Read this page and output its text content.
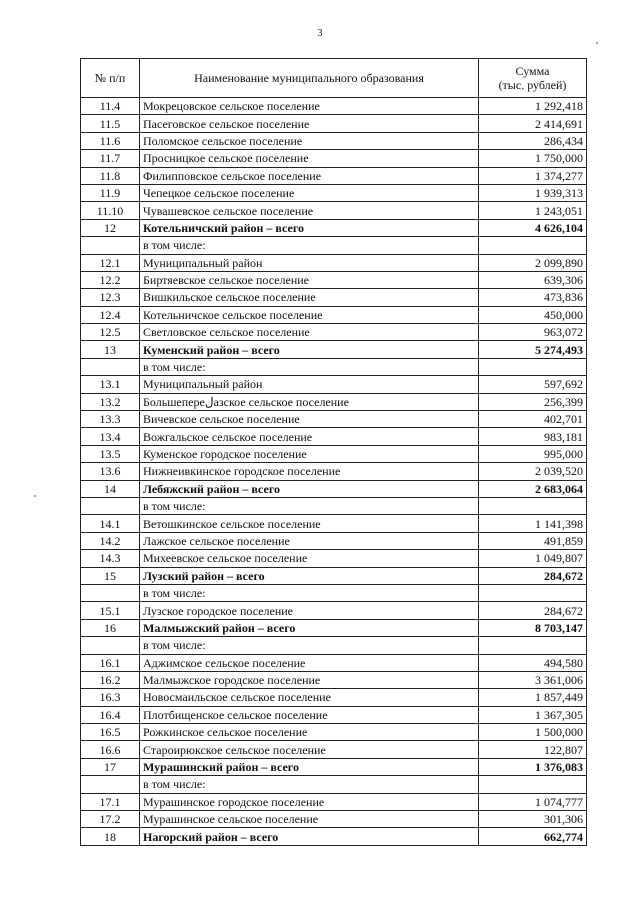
3
№ п/п	Наименование муниципального образования	Сумма
(тыс. рублей)

11.4	Мокрецовское сельское поселение	1 292,418
11.5	Пасеговское сельское поселение	2 414,691
11.6	Поломское сельское поселение	286,434
11.7	Просницкое сельское поселение	1 750,000
11.8	Филипповское сельское поселение	1 374,277
11.9	Чепецкое сельское поселение	1 939,313
11.10	Чувашевское сельское поселение	1 243,051
12	Котельничский район – всего	4 626,104
	в том числе:	
12.1	Муниципальный район	2 099,890
12.2	Биртяевское сельское поселение	639,306
12.3	Вишкильское сельское поселение	473,836
12.4	Котельничское сельское поселение	450,000
12.5	Светловское сельское поселение	963,072
13	Куменский район – всего	5 274,493
	в том числе:	
13.1	Муниципальный район	597,692
13.2	Большепереلазское сельское поселение	256,399
13.3	Вичевское сельское поселение	402,701
13.4	Вожгальское сельское поселение	983,181
13.5	Куменское городское поселение	995,000
13.6	Нижнеивкинское городское поселение	2 039,520
14	Лебяжский район – всего	2 683,064
	в том числе:	
14.1	Ветошкинское сельское поселение	1 141,398
14.2	Лажское сельское поселение	491,859
14.3	Михеевское сельское поселение	1 049,807
15	Лузский район – всего	284,672
	в том числе:	
15.1	Лузское городское поселение	284,672
16	Малмыжский район – всего	8 703,147
	в том числе:	
16.1	Аджимское сельское поселение	494,580
16.2	Малмыжское городское поселение	3 361,006
16.3	Новосмаильское сельское поселение	1 857,449
16.4	Плотбищенское сельское поселение	1 367,305
16.5	Рожкинское сельское поселение	1 500,000
16.6	Староирюкское сельское поселение	122,807
17	Мурашинский район – всего	1 376,083
	в том числе:	
17.1	Мурашинское городское поселение	1 074,777
17.2	Мурашинское сельское поселение	301,306
18	Нагорский район – всего	662,774
